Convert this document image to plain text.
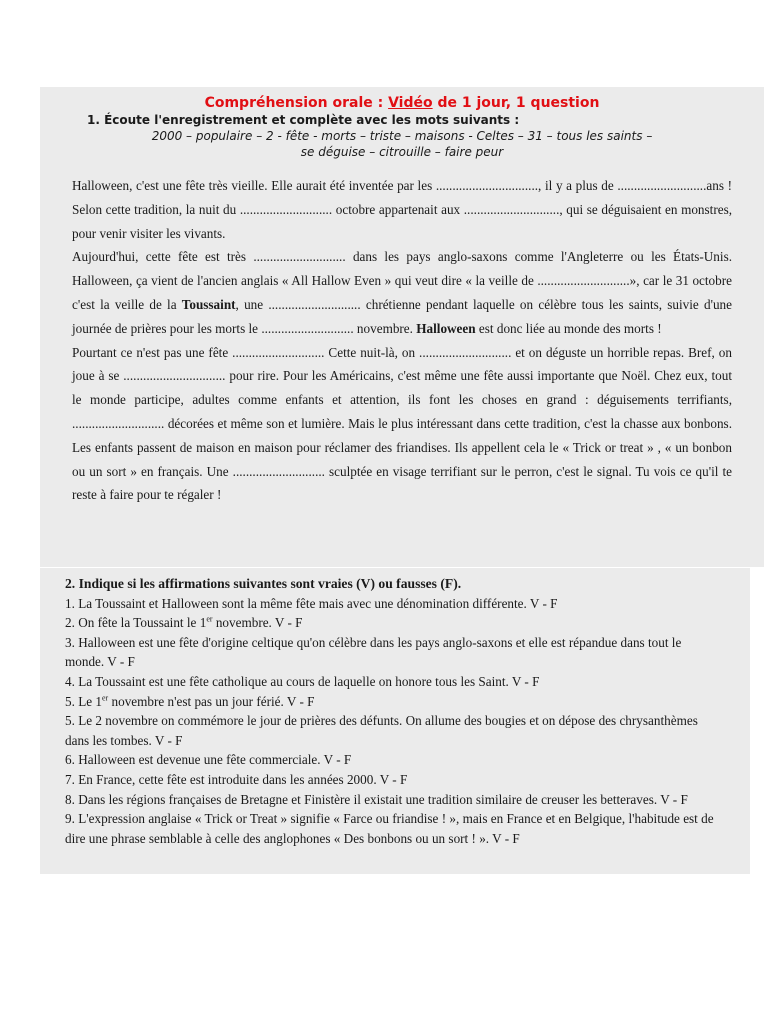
Compréhension orale : Vidéo de 1 jour, 1 question

1. Écoute l'enregistrement et complète avec les mots suivants :

2000 – populaire – 2 - fête - morts – triste – maisons - Celtes – 31 – tous les saints –
se déguise – citrouille – faire peur

Halloween, c'est une fête très vieille. Elle aurait été inventée par les ..............................., il y a plus de ...........................ans ! Selon cette tradition, la nuit du ............................ octobre appartenait aux ............................., qui se déguisaient en monstres, pour venir visiter les vivants.

Aujourd'hui, cette fête est très ............................ dans les pays anglo-saxons comme l'Angleterre ou les États-Unis. Halloween, ça vient de l'ancien anglais « All Hallow Even » qui veut dire « la veille de ............................», car le 31 octobre c'est la veille de la Toussaint, une ............................ chrétienne pendant laquelle on célèbre tous les saints, suivie d'une journée de prières pour les morts le ............................ novembre. Halloween est donc liée au monde des morts !

Pourtant ce n'est pas une fête ............................ Cette nuit-là, on ............................ et on déguste un horrible repas. Bref, on joue à se ............................... pour rire. Pour les Américains, c'est même une fête aussi importante que Noël. Chez eux, tout le monde participe, adultes comme enfants et attention, ils font les choses en grand : déguisements terrifiants, ............................ décorées et même son et lumière. Mais le plus intéressant dans cette tradition, c'est la chasse aux bonbons. Les enfants passent de maison en maison pour réclamer des friandises. Ils appellent cela le « Trick or treat » , « un bonbon ou un sort » en français. Une ............................ sculptée en visage terrifiant sur le perron, c'est le signal. Tu vois ce qu'il te reste à faire pour te régaler !

2. Indique si les affirmations suivantes sont vraies (V) ou fausses (F).

1. La Toussaint et Halloween sont la même fête mais avec une dénomination différente. V - F

2. On fête la Toussaint le 1er novembre. V - F

3. Halloween est une fête d'origine celtique qu'on célèbre dans les pays anglo-saxons et elle est répandue dans tout le monde. V - F

4. La Toussaint est une fête catholique au cours de laquelle on honore tous les Saint. V - F

5. Le 1er novembre n'est pas un jour férié. V - F

5. Le 2 novembre on commémore le jour de prières des défunts. On allume des bougies et on dépose des chrysanthèmes dans les tombes. V - F

6. Halloween est devenue une fête commerciale. V - F

7. En France, cette fête est introduite dans les années 2000. V - F

8. Dans les régions françaises de Bretagne et Finistère il existait une tradition similaire de creuser les betteraves. V - F

9. L'expression anglaise « Trick or Treat » signifie « Farce ou friandise ! », mais en France et en Belgique, l'habitude est de dire une phrase semblable à celle des anglophones « Des bonbons ou un sort ! ». V - F
